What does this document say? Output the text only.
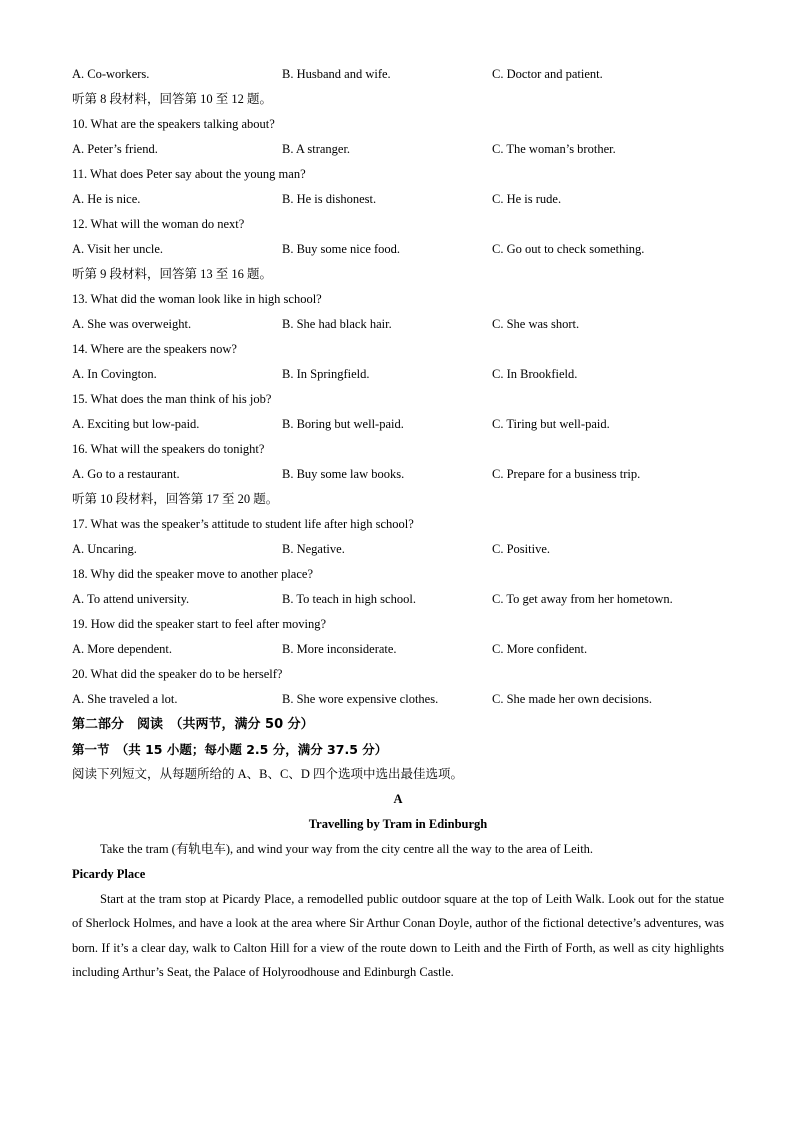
A. Co-workers.	B. Husband and wife.	C. Doctor and patient.
听第 8 段材料，回答第 10 至 12 题。
10. What are the speakers talking about?
A. Peter’s friend.	B. A stranger.	C. The woman’s brother.
11. What does Peter say about the young man?
A. He is nice.	B. He is dishonest.	C. He is rude.
12. What will the woman do next?
A. Visit her uncle.	B. Buy some nice food.	C. Go out to check something.
听第 9 段材料，回答第 13 至 16 题。
13. What did the woman look like in high school?
A. She was overweight.	B. She had black hair.	C. She was short.
14. Where are the speakers now?
A. In Covington.	B. In Springfield.	C. In Brookfield.
15. What does the man think of his job?
A. Exciting but low-paid.	B. Boring but well-paid.	C. Tiring but well-paid.
16. What will the speakers do tonight?
A. Go to a restaurant.	B. Buy some law books.	C. Prepare for a business trip.
听第 10 段材料，回答第 17 至 20 题。
17. What was the speaker’s attitude to student life after high school?
A. Uncaring.	B. Negative.	C. Positive.
18. Why did the speaker move to another place?
A. To attend university.	B. To teach in high school.	C. To get away from her hometown.
19. How did the speaker start to feel after moving?
A. More dependent.	B. More inconsiderate.	C. More confident.
20. What did the speaker do to be herself?
A. She traveled a lot.	B. She wore expensive clothes.	C. She made her own decisions.
第二部分　阅读　（共两节，满分 50 分）
第一节　（共 15 小题；每小题 2.5 分，满分 37.5 分）
阅读下列短文，从每题所给的 A、B、C、D 四个选项中选出最佳选项。
A
Travelling by Tram in Edinburgh

Take the tram (有轨电车), and wind your way from the city centre all the way to the area of Leith.

Picardy Place

Start at the tram stop at Picardy Place, a remodelled public outdoor square at the top of Leith Walk. Look out for the statue of Sherlock Holmes, and have a look at the area where Sir Arthur Conan Doyle, author of the fictional detective’s adventures, was born. If it’s a clear day, walk to Calton Hill for a view of the route down to Leith and the Firth of Forth, as well as city highlights including Arthur’s Seat, the Palace of Holyroodhouse and Edinburgh Castle.
